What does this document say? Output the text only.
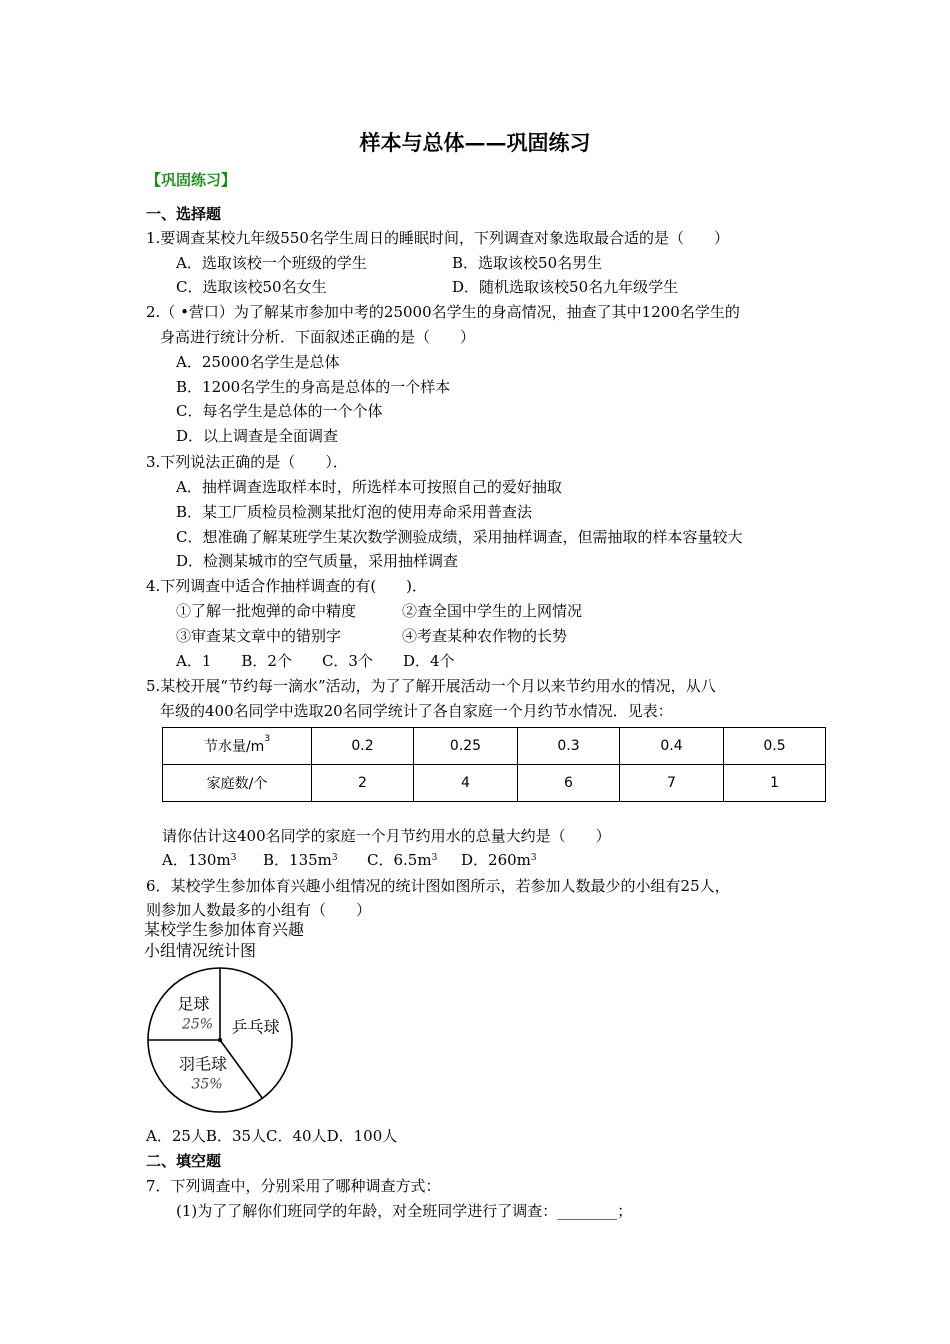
样本与总体——巩固练习
【巩固练习】
一、选择题
1.要调查某校九年级550名学生周日的睡眠时间，下列调查对象选取最合适的是（　　）
A．选取该校一个班级的学生	B．选取该校50名男生
C．选取该校50名女生	D．随机选取该校50名九年级学生
2.（ •营口）为了解某市参加中考的25000名学生的身高情况，抽查了其中1200名学生的
身高进行统计分析．下面叙述正确的是（　　）
A．25000名学生是总体
B．1200名学生的身高是总体的一个样本
C．每名学生是总体的一个个体
D．以上调查是全面调查
3.下列说法正确的是（　　）．
A．抽样调查选取样本时，所选样本可按照自己的爱好抽取
B．某工厂质检员检测某批灯泡的使用寿命采用普查法
C．想准确了解某班学生某次数学测验成绩，采用抽样调查，但需抽取的样本容量较大
D．检测某城市的空气质量，采用抽样调查
4.下列调查中适合作抽样调查的有(　　)．
①了解一批炮弹的命中精度	②查全国中学生的上网情况
③审查某文章中的错别字	④考查某种农作物的长势
A．1　　B．2个　　C．3个　　D．4个
5.某校开展“节约每一滴水”活动，为了了解开展活动一个月以来节约用水的情况，从八
年级的400名同学中选取20名同学统计了各自家庭一个月约节水情况．见表：
节水量$/m^3$	0.2	0.25	0.3	0.4	0.5
家庭数/个	2	4	6	7	1
请你估计这400名同学的家庭一个月节约用水的总量大约是（　　）
A．$130m^3$ B．$135m^3$ C．$6.5m^3$ D．$260m^3$
6．某校学生参加体育兴趣小组情况的统计图如图所示，若参加人数最少的小组有25人，
则参加人数最多的小组有（　　）
某校学生参加体育兴趣
小组情况统计图
乒乓球
羽毛球
35%
足球
25%
A．25人B．35人C．40人D．100人
二、填空题
7．下列调查中，分别采用了哪种调查方式：
(1)为了了解你们班同学的年龄，对全班同学进行了调查：________；
